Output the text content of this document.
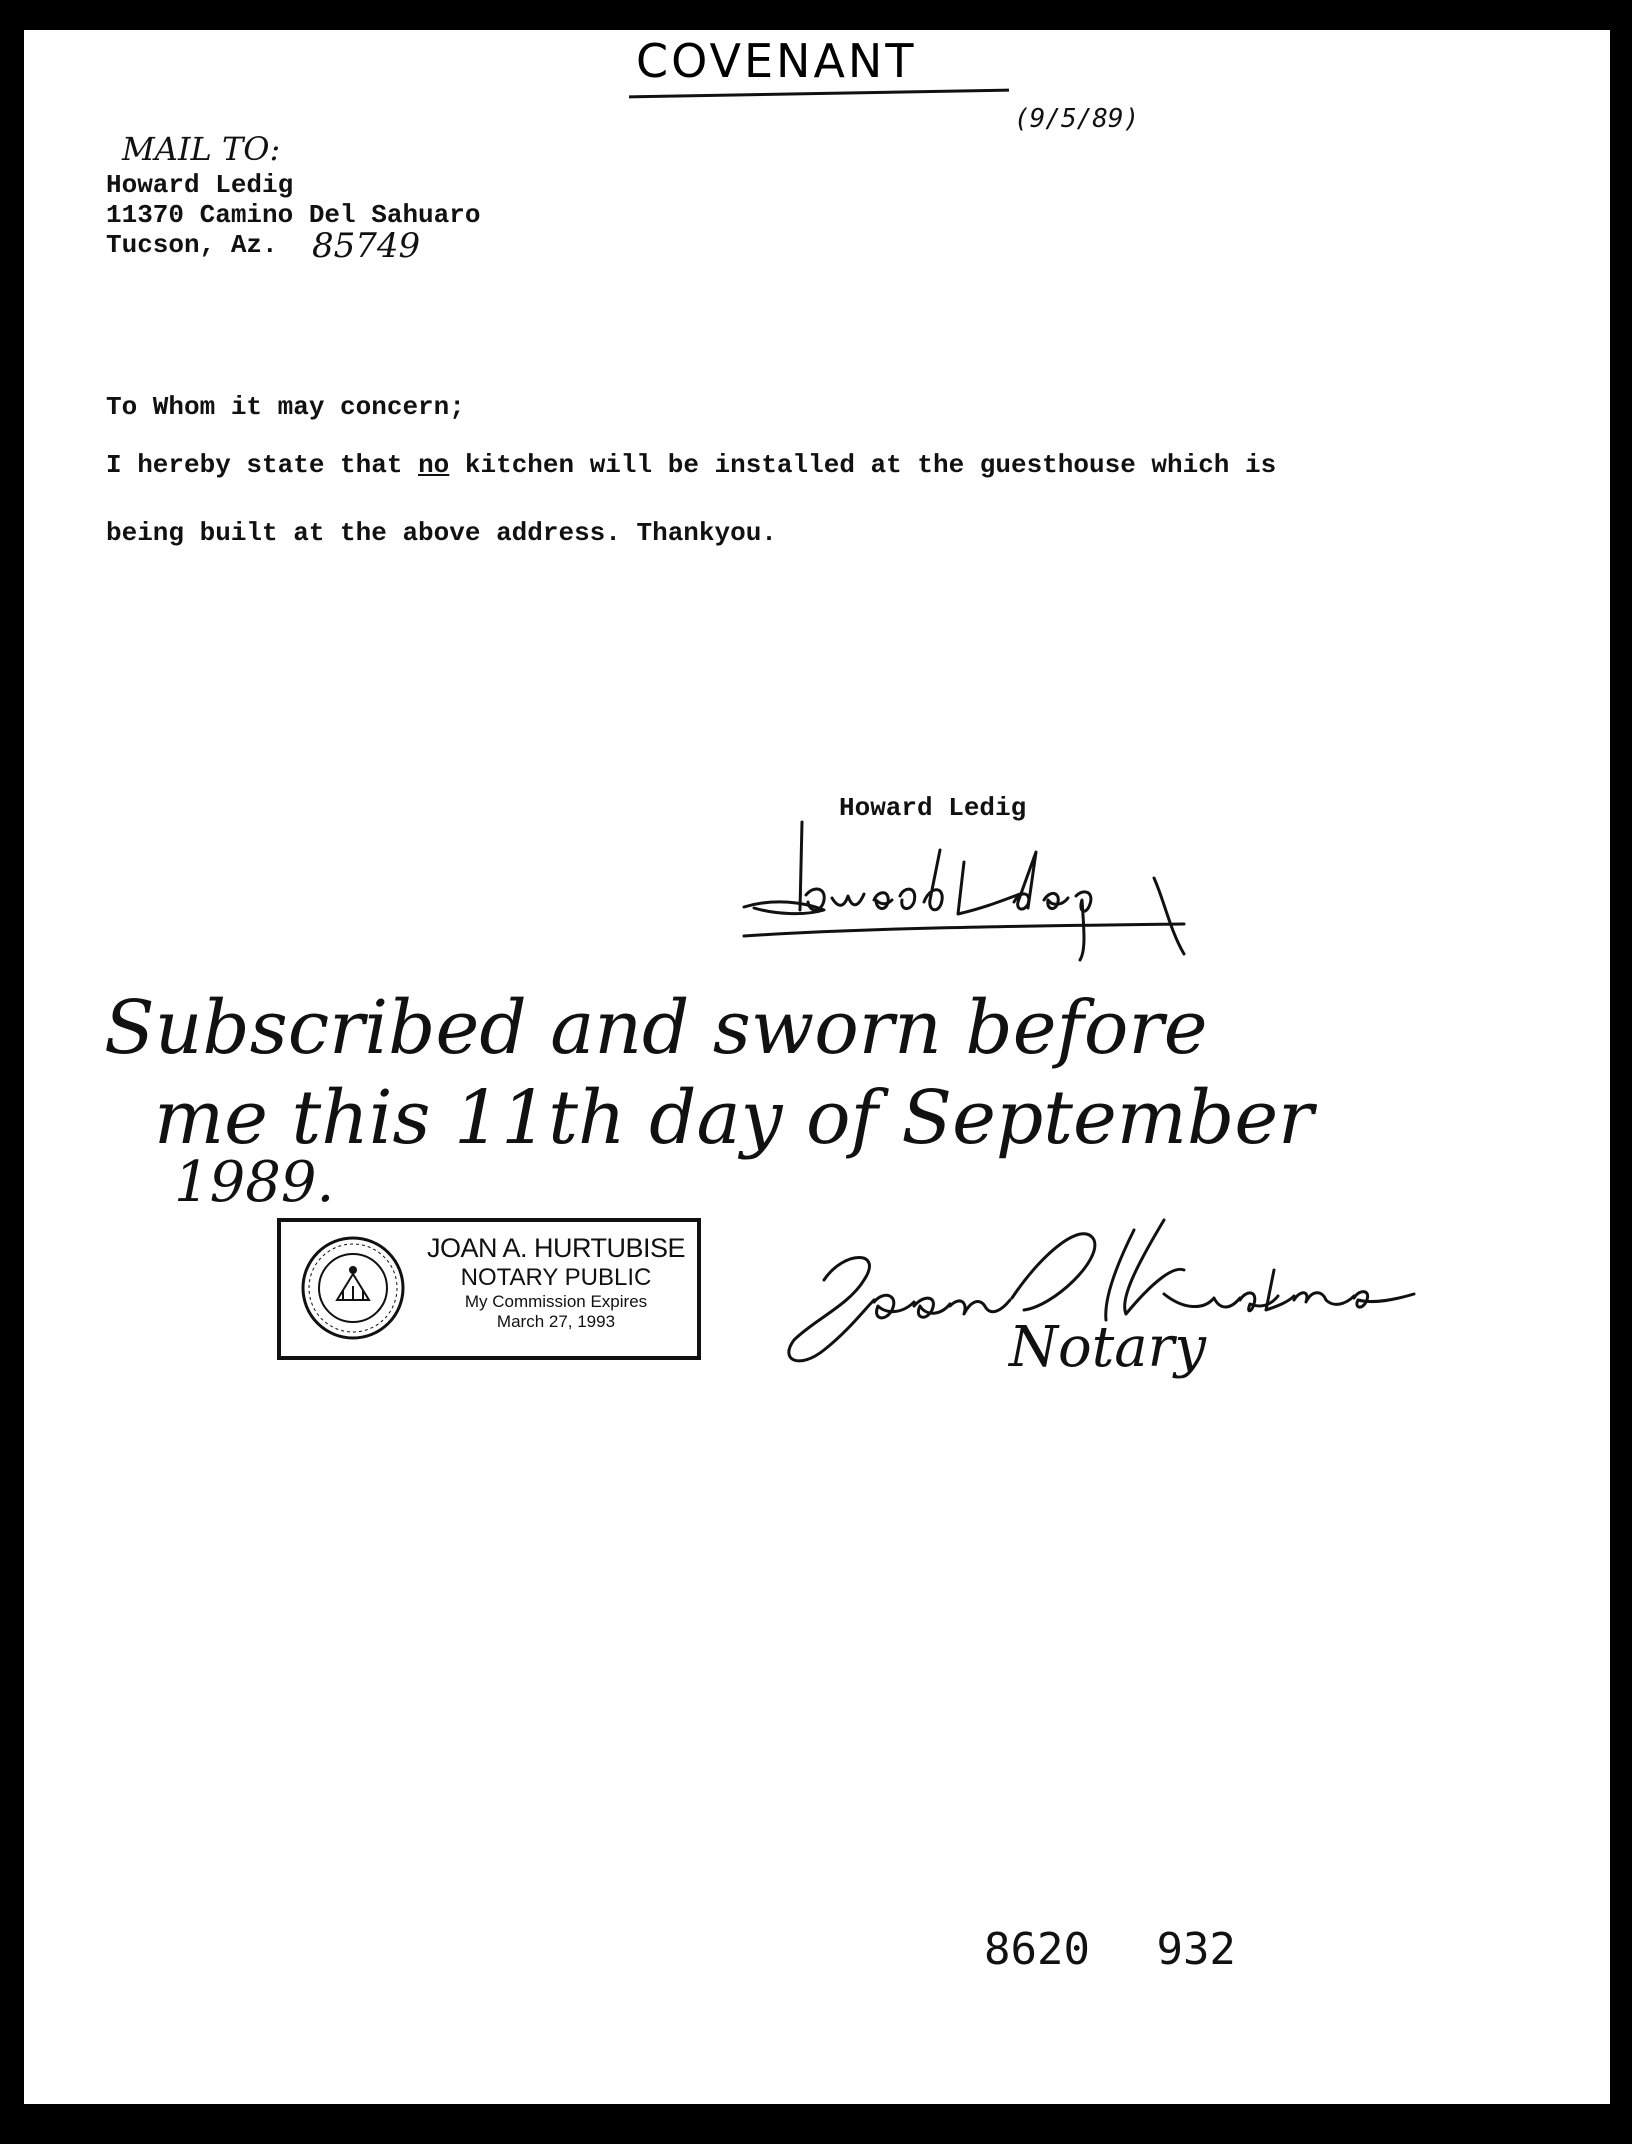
COVENANT
(9/5/89)
MAIL TO:
Howard Ledig
11370 Camino Del Sahuaro
Tucson, Az. 85749
To Whom it may concern;
I hereby state that no kitchen will be installed at the guesthouse which is
being built at the above address. Thankyou.
Howard Ledig
Subscribed and sworn before
me this 11th day of September
1989.
JOAN A. HURTUBISE
NOTARY PUBLIC
My Commission Expires
March 27, 1993	Notary
8620 932
